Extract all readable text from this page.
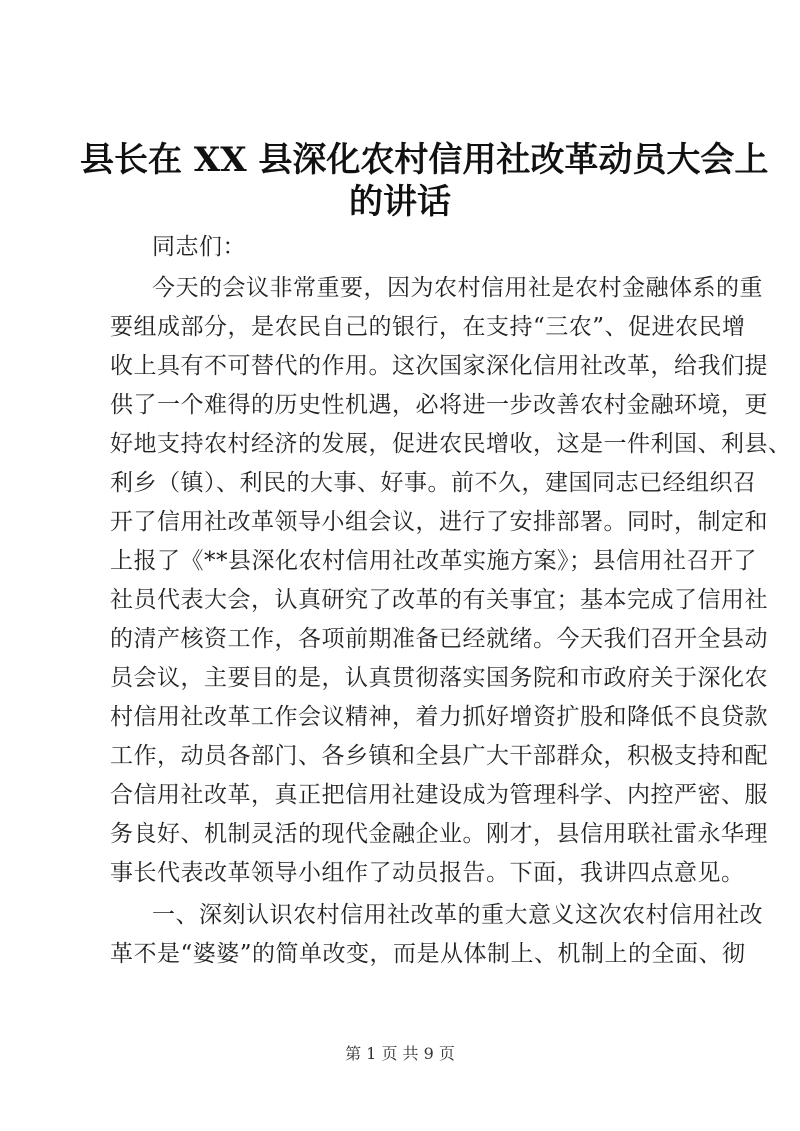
县长在 XX 县深化农村信用社改革动员大会上
的讲话
同志们：
今天的会议非常重要，因为农村信用社是农村金融体系的重
要组成部分，是农民自己的银行，在支持“三农”、促进农民增
收上具有不可替代的作用。这次国家深化信用社改革，给我们提
供了一个难得的历史性机遇，必将进一步改善农村金融环境，更
好地支持农村经济的发展，促进农民增收，这是一件利国、利县、
利乡（镇）、利民的大事、好事。前不久，建国同志已经组织召
开了信用社改革领导小组会议，进行了安排部署。同时，制定和
上报了《**县深化农村信用社改革实施方案》；县信用社召开了
社员代表大会，认真研究了改革的有关事宜；基本完成了信用社
的清产核资工作，各项前期准备已经就绪。今天我们召开全县动
员会议，主要目的是，认真贯彻落实国务院和市政府关于深化农
村信用社改革工作会议精神，着力抓好增资扩股和降低不良贷款
工作，动员各部门、各乡镇和全县广大干部群众，积极支持和配
合信用社改革，真正把信用社建设成为管理科学、内控严密、服
务良好、机制灵活的现代金融企业。刚才，县信用联社雷永华理
事长代表改革领导小组作了动员报告。下面，我讲四点意见。
一、深刻认识农村信用社改革的重大意义这次农村信用社改
革不是“婆婆”的简单改变，而是从体制上、机制上的全面、彻
第 1 页 共 9 页
